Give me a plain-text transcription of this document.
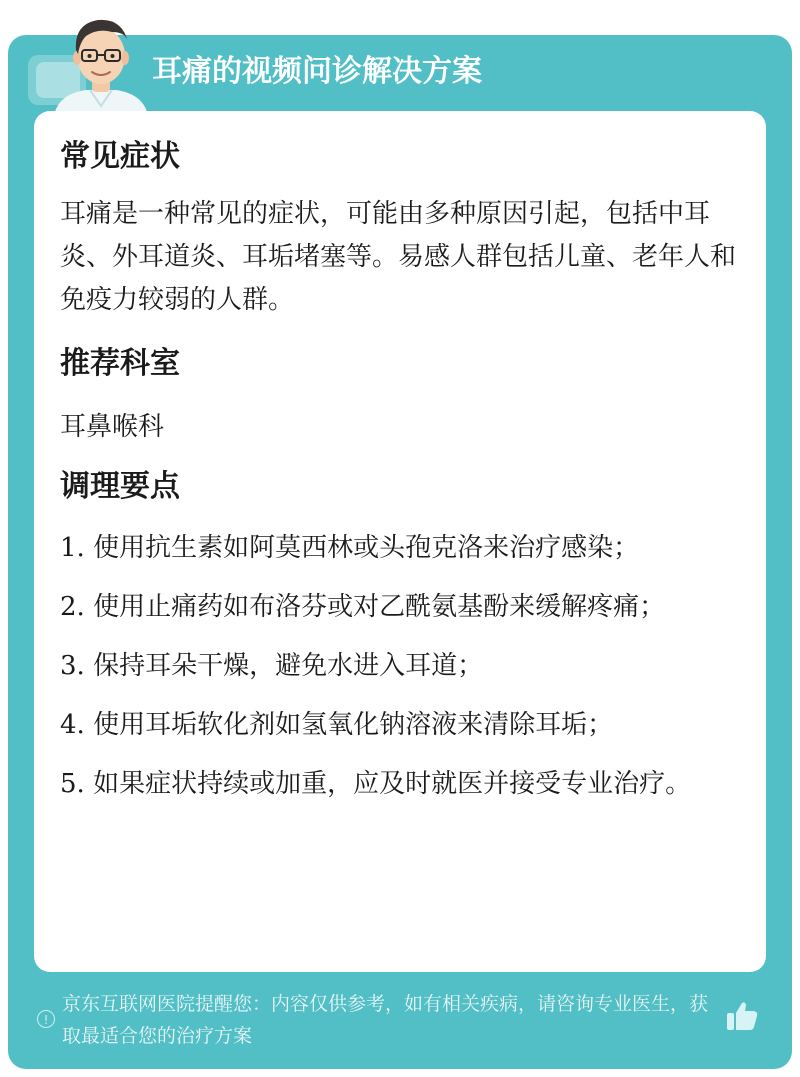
耳痛的视频问诊解决方案
常见症状

耳痛是一种常见的症状，可能由多种原因引起，包括中耳炎、外耳道炎、耳垢堵塞等。易感人群包括儿童、老年人和免疫力较弱的人群。

推荐科室

耳鼻喉科

调理要点
1. 使用抗生素如阿莫西林或头孢克洛来治疗感染；
2. 使用止痛药如布洛芬或对乙酰氨基酚来缓解疼痛；
3. 保持耳朵干燥，避免水进入耳道；
4. 使用耳垢软化剂如氢氧化钠溶液来清除耳垢；
5. 如果症状持续或加重，应及时就医并接受专业治疗。
!
京东互联网医院提醒您：内容仅供参考，如有相关疾病，请咨询专业医生，获取最适合您的治疗方案
